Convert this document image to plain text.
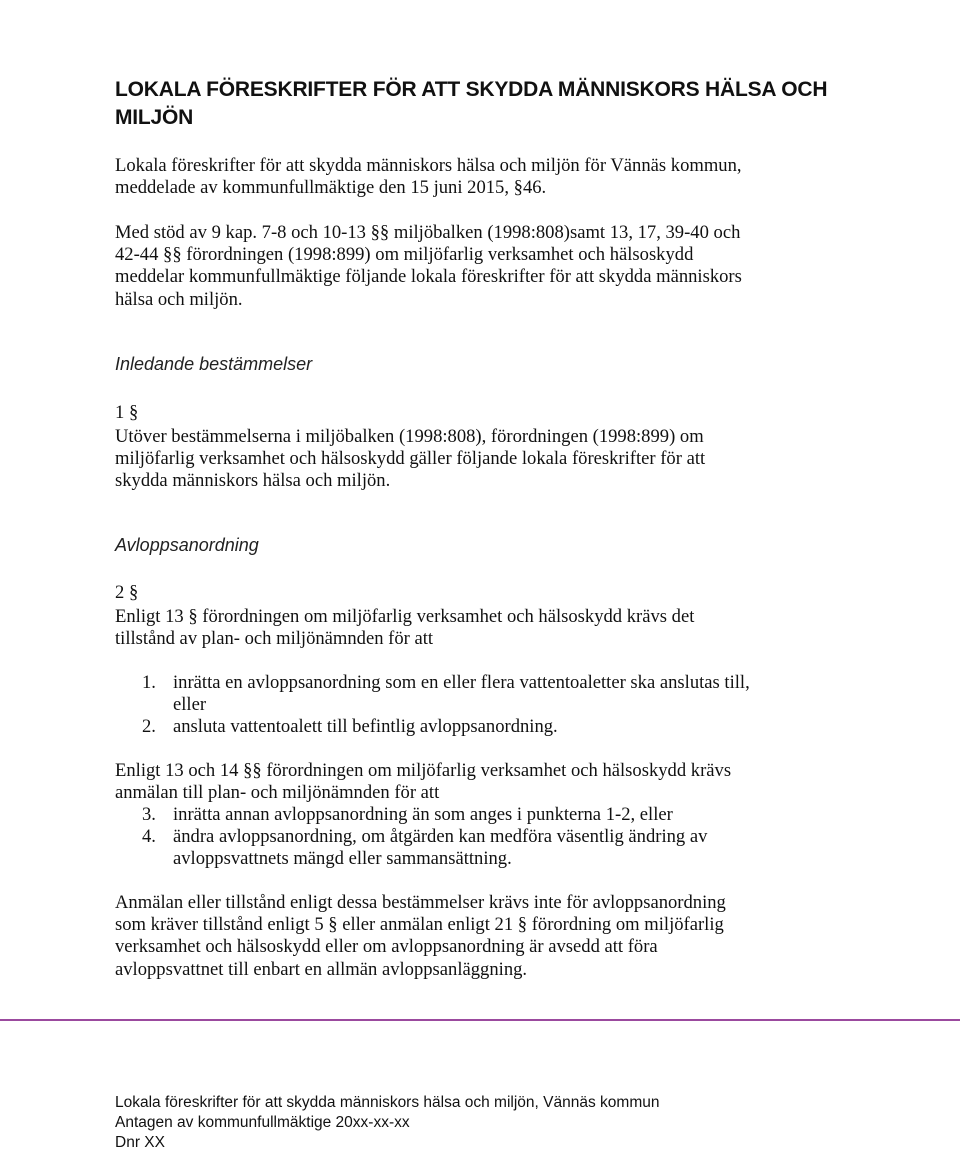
LOKALA FÖRESKRIFTER FÖR ATT SKYDDA MÄNNISKORS HÄLSA OCH
MILJÖN
Lokala föreskrifter för att skydda människors hälsa och miljön för Vännäs kommun,
meddelade av kommunfullmäktige den 15 juni 2015, §46.
Med stöd av 9 kap. 7-8 och 10-13 §§ miljöbalken (1998:808)samt 13, 17, 39-40 och
42-44 §§ förordningen (1998:899) om miljöfarlig verksamhet och hälsoskydd
meddelar kommunfullmäktige följande lokala föreskrifter för att skydda människors
hälsa och miljön.
Inledande bestämmelser
1 §
Utöver bestämmelserna i miljöbalken (1998:808), förordningen (1998:899) om
miljöfarlig verksamhet och hälsoskydd gäller följande lokala föreskrifter för att
skydda människors hälsa och miljön.
Avloppsanordning
2 §
Enligt 13 § förordningen om miljöfarlig verksamhet och hälsoskydd krävs det
tillstånd av plan- och miljönämnden för att
1. inrätta en avloppsanordning som en eller flera vattentoaletter ska anslutas till,
eller
2. ansluta vattentoalett till befintlig avloppsanordning.
Enligt 13 och 14 §§ förordningen om miljöfarlig verksamhet och hälsoskydd krävs
anmälan till plan- och miljönämnden för att
3. inrätta annan avloppsanordning än som anges i punkterna 1-2, eller
4. ändra avloppsanordning, om åtgärden kan medföra väsentlig ändring av
avloppsvattnets mängd eller sammansättning.
Anmälan eller tillstånd enligt dessa bestämmelser krävs inte för avloppsanordning
som kräver tillstånd enligt 5 § eller anmälan enligt 21 § förordning om miljöfarlig
verksamhet och hälsoskydd eller om avloppsanordning är avsedd att föra
avloppsvattnet till enbart en allmän avloppsanläggning.
Lokala föreskrifter för att skydda människors hälsa och miljön, Vännäs kommun
Antagen av kommunfullmäktige 20xx-xx-xx
Dnr XX
